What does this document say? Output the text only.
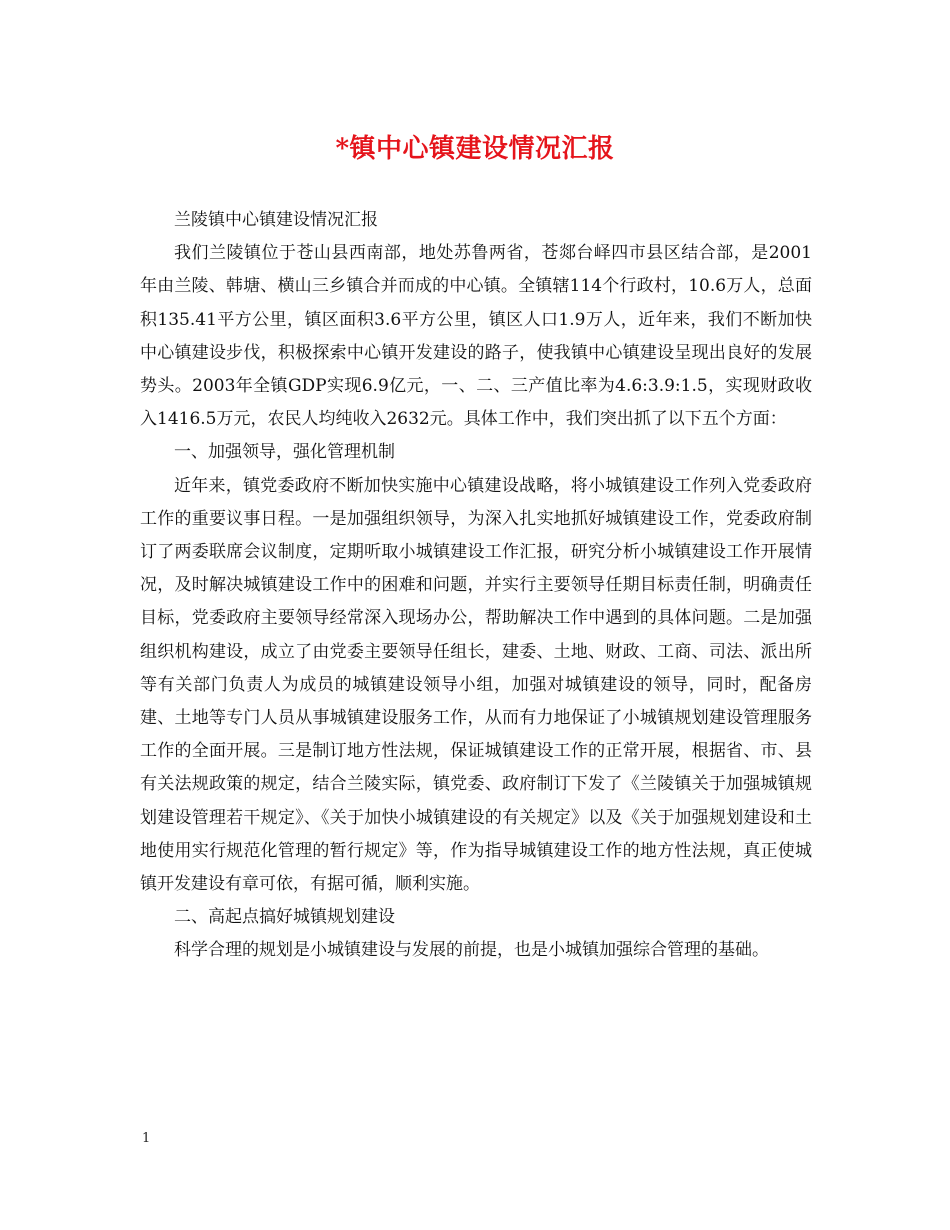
*镇中心镇建设情况汇报

兰陵镇中心镇建设情况汇报

我们兰陵镇位于苍山县西南部，地处苏鲁两省，苍郯台峄四市县区结合部，是2001年由兰陵、韩塘、横山三乡镇合并而成的中心镇。全镇辖114个行政村，10.6万人，总面积135.41平方公里，镇区面积3.6平方公里，镇区人口1.9万人，近年来，我们不断加快中心镇建设步伐，积极探索中心镇开发建设的路子，使我镇中心镇建设呈现出良好的发展势头。2003年全镇GDP实现6.9亿元，一、二、三产值比率为4.6:3.9:1.5，实现财政收入1416.5万元，农民人均纯收入2632元。具体工作中，我们突出抓了以下五个方面：

一、加强领导，强化管理机制

近年来，镇党委政府不断加快实施中心镇建设战略，将小城镇建设工作列入党委政府工作的重要议事日程。一是加强组织领导，为深入扎实地抓好城镇建设工作，党委政府制订了两委联席会议制度，定期听取小城镇建设工作汇报，研究分析小城镇建设工作开展情况，及时解决城镇建设工作中的困难和问题，并实行主要领导任期目标责任制，明确责任目标，党委政府主要领导经常深入现场办公，帮助解决工作中遇到的具体问题。二是加强组织机构建设，成立了由党委主要领导任组长，建委、土地、财政、工商、司法、派出所等有关部门负责人为成员的城镇建设领导小组，加强对城镇建设的领导，同时，配备房建、土地等专门人员从事城镇建设服务工作，从而有力地保证了小城镇规划建设管理服务工作的全面开展。三是制订地方性法规，保证城镇建设工作的正常开展，根据省、市、县有关法规政策的规定，结合兰陵实际，镇党委、政府制订下发了《兰陵镇关于加强城镇规划建设管理若干规定》、《关于加快小城镇建设的有关规定》以及《关于加强规划建设和土地使用实行规范化管理的暂行规定》等，作为指导城镇建设工作的地方性法规，真正使城镇开发建设有章可依，有据可循，顺利实施。

二、高起点搞好城镇规划建设

科学合理的规划是小城镇建设与发展的前提，也是小城镇加强综合管理的基础。

1
